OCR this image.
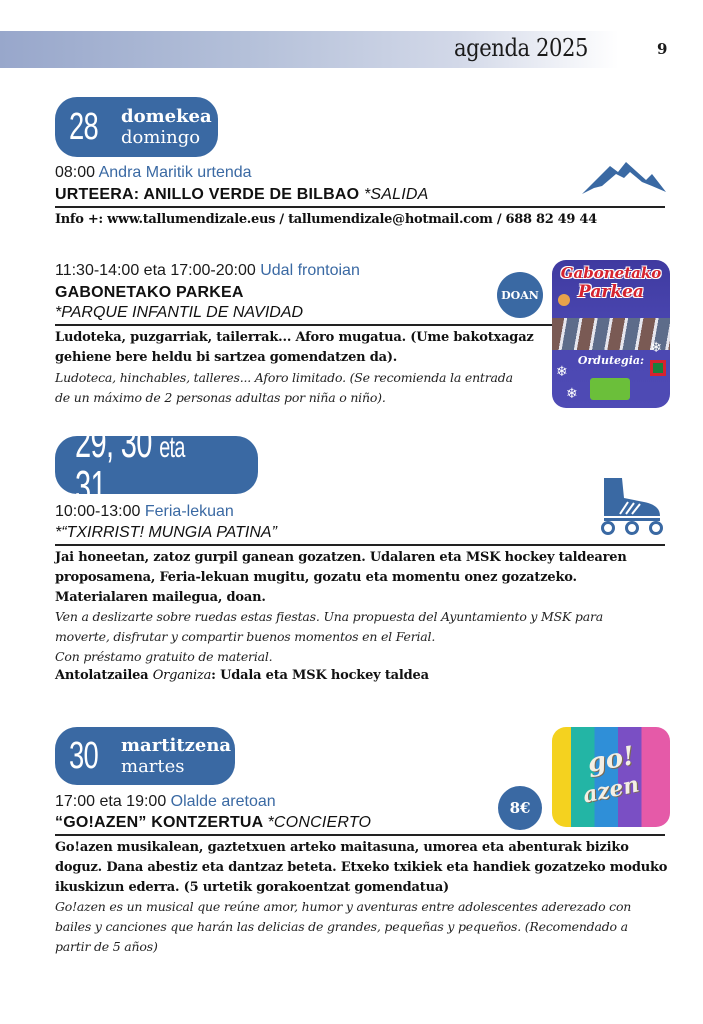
agenda 2025	9
28 domekea
domingo
08:00 Andra Maritik urtenda
URTEERA: ANILLO VERDE DE BILBAO *SALIDA
Info +: www.tallumendizale.eus / tallumendizale@hotmail.com / 688 82 49 44
11:30-14:00 eta 17:00-20:00 Udal frontoian
GABONETAKO PARKEA
*PARQUE INFANTIL DE NAVIDAD
DOAN
Gabonetako
Parkea
Ordutegia:
❄
❄
❄
Ludoteka, puzgarriak, tailerrak... Aforo mugatua. (Ume bakotxagaz
gehiene bere heldu bi sartzea gomendatzen da).
Ludoteca, hinchables, talleres... Aforo limitado. (Se recomienda la entrada
de un máximo de 2 personas adultas por niña o niño).
29, 30 eta 31
10:00-13:00 Feria-lekuan
*“TXIRRIST! MUNGIA PATINA”
Jai honeetan, zatoz gurpil ganean gozatzen. Udalaren eta MSK hockey taldearen
proposamena, Feria-lekuan mugitu, gozatu eta momentu onez gozatzeko.
Materialaren mailegua, doan.
Ven a deslizarte sobre ruedas estas fiestas. Una propuesta del Ayuntamiento y MSK para
moverte, disfrutar y compartir buenos momentos en el Ferial.
Con préstamo gratuito de material.
Antolatzailea Organiza: Udala eta MSK hockey taldea
30 martitzena
martes
17:00 eta 19:00 Olalde aretoan
“GO!AZEN” KONTZERTUA *CONCIERTO
8€
go!
azen
Go!azen musikalean, gaztetxuen arteko maitasuna, umorea eta abenturak biziko
doguz. Dana abestiz eta dantzaz beteta. Etxeko txikiek eta handiek gozatzeko moduko
ikuskizun ederra. (5 urtetik gorakoentzat gomendatua)
Go!azen es un musical que reúne amor, humor y aventuras entre adolescentes aderezado con
bailes y canciones que harán las delicias de grandes, pequeñas y pequeños. (Recomendado a
partir de 5 años)
